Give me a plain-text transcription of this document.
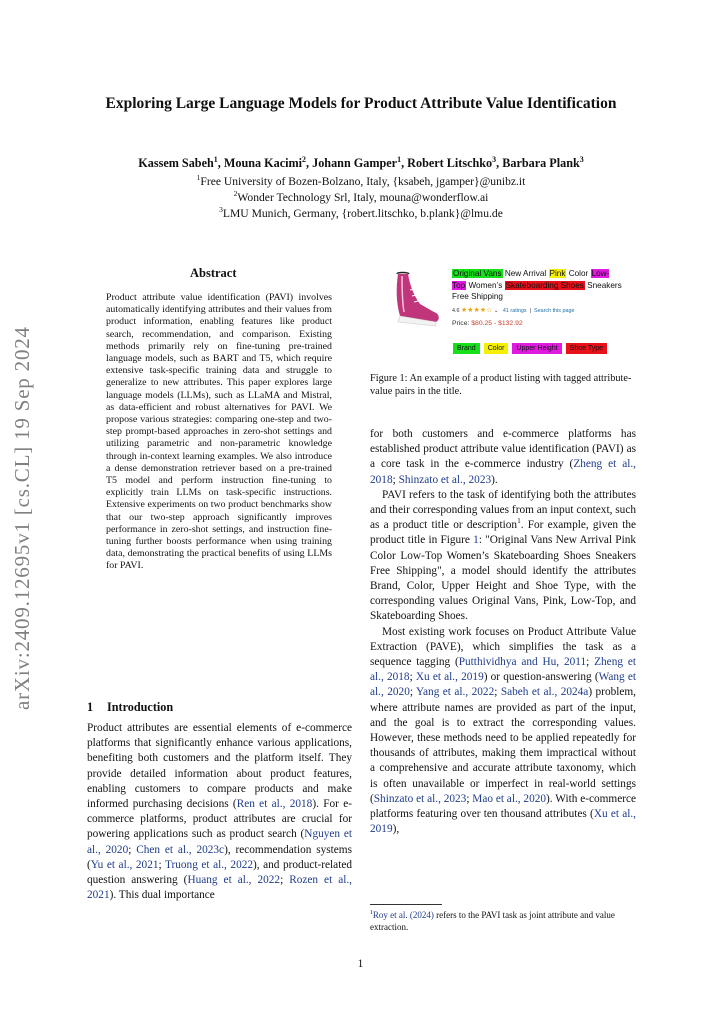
Exploring Large Language Models for Product Attribute Value Identification
Kassem Sabeh$^1$, Mouna Kacimi$^2$, Johann Gamper$^1$, Robert Litschko$^3$, Barbara Plank$^3$
$^1$Free University of Bozen-Bolzano, Italy, {ksabeh, jgamper}@unibz.it
$^2$Wonder Technology Srl, Italy, mouna@wonderflow.ai
$^3$LMU Munich, Germany, {robert.litschko, b.plank}@lmu.de
arXiv:2409.12695v1 [cs.CL] 19 Sep 2024
Abstract
Product attribute value identification (PAVI) involves automatically identifying attributes and their values from product information, enabling features like product search, recommendation, and comparison. Existing methods primarily rely on fine-tuning pre-trained language models, such as BART and T5, which require extensive task-specific training data and struggle to generalize to new attributes. This paper explores large language models (LLMs), such as LLaMA and Mistral, as data-efficient and robust alternatives for PAVI. We propose various strategies: comparing one-step and two-step prompt-based approaches in zero-shot settings and utilizing parametric and non-parametric knowledge through in-context learning examples. We also introduce a dense demonstration retriever based on a pre-trained T5 model and perform instruction fine-tuning to explicitly train LLMs on task-specific instructions. Extensive experiments on two product benchmarks show that our two-step approach significantly improves performance in zero-shot settings, and instruction fine-tuning further boosts performance when using training data, demonstrating the practical benefits of using LLMs for PAVI.
1 Introduction

Product attributes are essential elements of e-commerce platforms that significantly enhance various applications, benefiting both customers and the platform itself. They provide detailed information about product features, enabling customers to compare products and make informed purchasing decisions (Ren et al., 2018). For e-commerce platforms, product attributes are crucial for powering applications such as product search (Nguyen et al., 2020; Chen et al., 2023c), recommendation systems (Yu et al., 2021; Truong et al., 2022), and product-related question answering (Huang et al., 2022; Rozen et al., 2021). This dual importance

Original Vans New Arrival Pink Color Low-Top Women’s Skateboarding Shoes Sneakers Free Shipping
4.6 ★★★★☆ ⌄ 41 ratings | Search this page
Price: $80.25 - $132.92
Brand	Color	Upper Height	Shoe Type
Figure 1: An example of a product listing with tagged attribute-value pairs in the title.

for both customers and e-commerce platforms has established product attribute value identification (PAVI) as a core task in the e-commerce industry (Zheng et al., 2018; Shinzato et al., 2023).

PAVI refers to the task of identifying both the attributes and their corresponding values from an input context, such as a product title or description$^1$. For example, given the product title in Figure 1: "Original Vans New Arrival Pink Color Low-Top Women’s Skateboarding Shoes Sneakers Free Shipping", a model should identify the attributes Brand, Color, Upper Height and Shoe Type, with the corresponding values Original Vans, Pink, Low-Top, and Skateboarding Shoes.

Most existing work focuses on Product Attribute Value Extraction (PAVE), which simplifies the task as a sequence tagging (Putthividhya and Hu, 2011; Zheng et al., 2018; Xu et al., 2019) or question-answering (Wang et al., 2020; Yang et al., 2022; Sabeh et al., 2024a) problem, where attribute names are provided as part of the input, and the goal is to extract the corresponding values. However, these methods need to be applied repeatedly for thousands of attributes, making them impractical without a comprehensive and accurate attribute taxonomy, which is often unavailable or imperfect in real-world settings (Shinzato et al., 2023; Mao et al., 2020). With e-commerce platforms featuring over ten thousand attributes (Xu et al., 2019),

$^1$Roy et al. (2024) refers to the PAVI task as joint attribute and value extraction.
1
